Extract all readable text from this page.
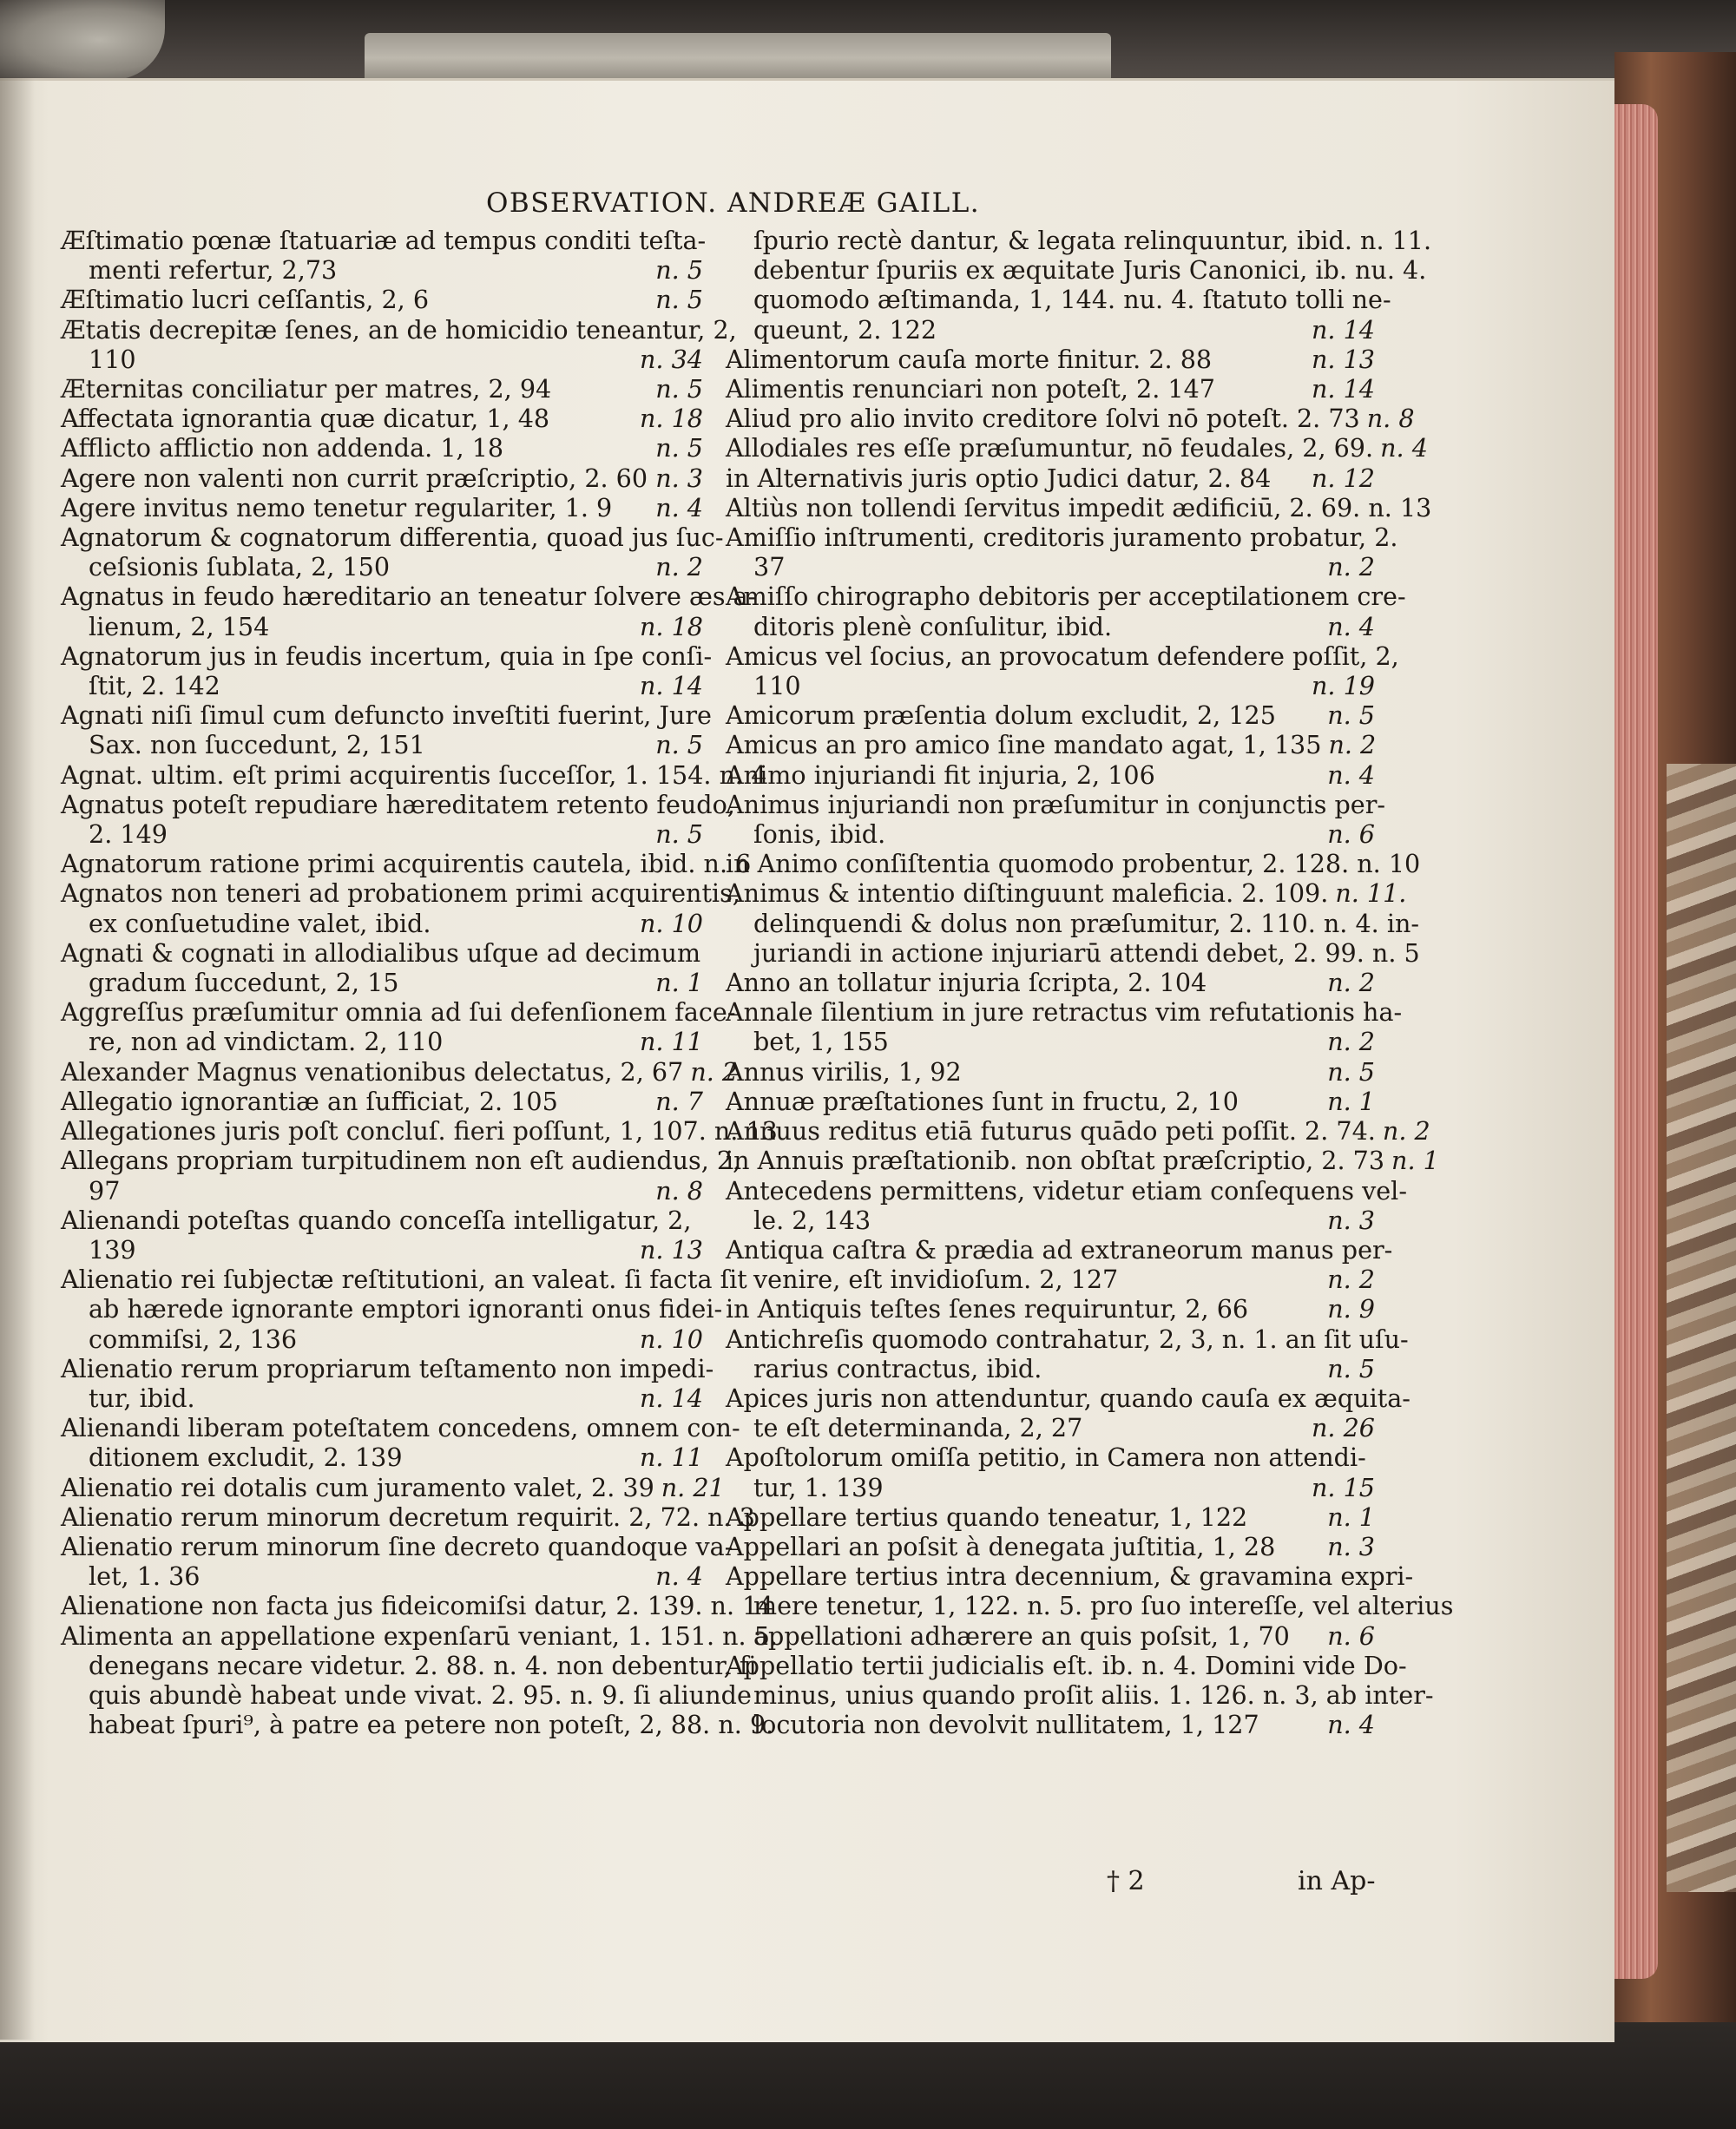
OBSERVATION. ANDREÆ GAILL.
Æſtimatio pœnæ ſtatuariæ ad tempus conditi teſta-
menti refertur, 2,73	n. 5
Æſtimatio lucri ceſſantis, 2, 6	n. 5
Ætatis decrepitæ ſenes, an de homicidio teneantur, 2,
110	n. 34
Æternitas conciliatur per matres, 2, 94	n. 5
Affectata ignorantia quæ dicatur, 1, 48	n. 18
Afflicto afflictio non addenda. 1, 18	n. 5
Agere non valenti non currit præſcriptio, 2. 60 n. 3
Agere invitus nemo tenetur regulariter, 1. 9 n. 4
Agnatorum & cognatorum differentia, quoad jus ſuc-
ceſsionis ſublata, 2, 150	n. 2
Agnatus in feudo hæreditario an teneatur ſolvere æs a-
lienum, 2, 154	n. 18
Agnatorum jus in feudis incertum, quia in ſpe conſi-
ſtit, 2. 142	n. 14
Agnati niſi ſimul cum defuncto inveſtiti fuerint, Jure
Sax. non ſuccedunt, 2, 151	n. 5
Agnat. ultim. eſt primi acquirentis ſucceſſor, 1. 154. n. 4
Agnatus poteſt repudiare hæreditatem retento feudo,
2. 149	n. 5
Agnatorum ratione primi acquirentis cautela, ibid. n. 6
Agnatos non teneri ad probationem primi acquirentis,
ex conſuetudine valet, ibid.	n. 10
Agnati & cognati in allodialibus uſque ad decimum
gradum ſuccedunt, 2, 15	n. 1
Aggreſſus præſumitur omnia ad ſui defenſionem face-
re, non ad vindictam. 2, 110	n. 11
Alexander Magnus venationibus delectatus, 2, 67 n. 2
Allegatio ignorantiæ an ſufficiat, 2. 105	n. 7
Allegationes juris poſt concluſ. fieri poſſunt, 1, 107. n. 13
Allegans propriam turpitudinem non eſt audiendus, 2,
97	n. 8
Alienandi poteſtas quando conceſſa intelligatur, 2,
139	n. 13
Alienatio rei ſubjectæ reſtitutioni, an valeat. ſi facta ſit
ab hærede ignorante emptori ignoranti onus fidei-
commiſsi, 2, 136	n. 10
Alienatio rerum propriarum teſtamento non impedi-
tur, ibid.	n. 14
Alienandi liberam poteſtatem concedens, omnem con-
ditionem excludit, 2. 139	n. 11
Alienatio rei dotalis cum juramento valet, 2. 39 n. 21
Alienatio rerum minorum decretum requirit. 2, 72. n. 3
Alienatio rerum minorum ſine decreto quandoque va-
let, 1. 36	n. 4
Alienatione non facta jus fideicomiſsi datur, 2. 139. n. 14
Alimenta an appellatione expenſarū veniant, 1. 151. n. 5.
denegans necare videtur. 2. 88. n. 4. non debentur, ſi
quis abundè habeat unde vivat. 2. 95. n. 9. ſi aliunde
habeat ſpuri⁹, à patre ea petere non poteſt, 2, 88. n. 9.
ſpurio rectè dantur, & legata relinquuntur, ibid. n. 11.
debentur ſpuriis ex æquitate Juris Canonici, ib. nu. 4.
quomodo æſtimanda, 1, 144. nu. 4. ſtatuto tolli ne-
queunt, 2. 122	n. 14
Alimentorum cauſa morte finitur. 2. 88	n. 13
Alimentis renunciari non poteſt, 2. 147	n. 14
Aliud pro alio invito creditore ſolvi nō poteſt. 2. 73 n. 8
Allodiales res eſſe præſumuntur, nō feudales, 2, 69. n. 4
in Alternativis juris optio Judici datur, 2. 84 n. 12
Altiùs non tollendi ſervitus impedit ædificiū, 2. 69. n. 13
Amiſſio inſtrumenti, creditoris juramento probatur, 2.
37	n. 2
Amiſſo chirographo debitoris per acceptilationem cre-
ditoris plenè conſulitur, ibid.	n. 4
Amicus vel ſocius, an provocatum defendere poſſit, 2,
110	n. 19
Amicorum præſentia dolum excludit, 2, 125 n. 5
Amicus an pro amico ſine mandato agat, 1, 135 n. 2
Animo injuriandi fit injuria, 2, 106	n. 4
Animus injuriandi non præſumitur in conjunctis per-
ſonis, ibid.	n. 6
in Animo conſiſtentia quomodo probentur, 2. 128. n. 10
Animus & intentio diſtinguunt maleficia. 2. 109. n. 11.
delinquendi & dolus non præſumitur, 2. 110. n. 4. in-
juriandi in actione injuriarū attendi debet, 2. 99. n. 5
Anno an tollatur injuria ſcripta, 2. 104	n. 2
Annale ſilentium in jure retractus vim refutationis ha-
bet, 1, 155	n. 2
Annus virilis, 1, 92	n. 5
Annuæ præſtationes ſunt in fructu, 2, 10	n. 1
Annuus reditus etiā futurus quādo peti poſſit. 2. 74. n. 2
in Annuis præſtationib. non obſtat præſcriptio, 2. 73 n. 1
Antecedens permittens, videtur etiam conſequens vel-
le. 2, 143	n. 3
Antiqua caſtra & prædia ad extraneorum manus per-
venire, eſt invidioſum. 2, 127	n. 2
in Antiquis teſtes ſenes requiruntur, 2, 66	n. 9
Antichreſis quomodo contrahatur, 2, 3, n. 1. an ſit uſu-
rarius contractus, ibid.	n. 5
Apices juris non attenduntur, quando cauſa ex æquita-
te eſt determinanda, 2, 27	n. 26
Apoſtolorum omiſſa petitio, in Camera non attendi-
tur, 1. 139	n. 15
Appellare tertius quando teneatur, 1, 122	n. 1
Appellari an poſsit à denegata juſtitia, 1, 28 n. 3
Appellare tertius intra decennium, & gravamina expri-
mere tenetur, 1, 122. n. 5. pro ſuo intereſſe, vel alterius
appellationi adhærere an quis poſsit, 1, 70 n. 6
Appellatio tertii judicialis eſt. ib. n. 4. Domini vide Do-
minus, unius quando proſit aliis. 1. 126. n. 3, ab inter-
locutoria non devolvit nullitatem, 1, 127	n. 4
† 2	in Ap-
